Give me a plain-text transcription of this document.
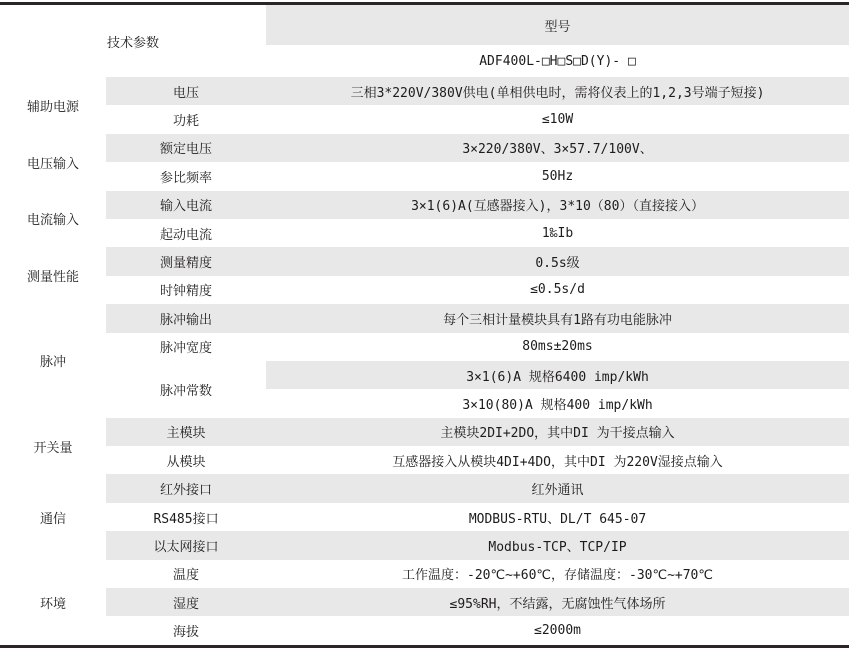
技术参数		型号
		ADF400L-□H□S□D(Y)- □
辅助电源	电压	三相3*220V/380V供电(单相供电时，需将仪表上的1,2,3号端子短接)
	功耗	≤10W
电压输入	额定电压	3×220/380V、3×57.7/100V、
	参比频率	50Hz
电流输入	输入电流	3×1(6)A(互感器接入)，3*10（80）（直接接入）
	起动电流	1‰Ib
测量性能	测量精度	0.5s级
	时钟精度	≤0.5s/d
脉冲	脉冲输出	每个三相计量模块具有1路有功电能脉冲
	脉冲宽度	80ms±20ms
	脉冲常数	3×1(6)A 规格6400 imp/kWh
		3×10(80)A 规格400 imp/kWh
开关量	主模块	主模块2DI+2DO，其中DI 为干接点输入
	从模块	互感器接入从模块4DI+4DO，其中DI 为220V湿接点输入
通信	红外接口	红外通讯
	RS485接口	MODBUS-RTU、DL/T 645-07
	以太网接口	Modbus-TCP、TCP/IP
环境	温度	工作温度：-20℃~+60℃，存储温度：-30℃~+70℃
	湿度	≤95%RH，不结露，无腐蚀性气体场所
	海拔	≤2000m
